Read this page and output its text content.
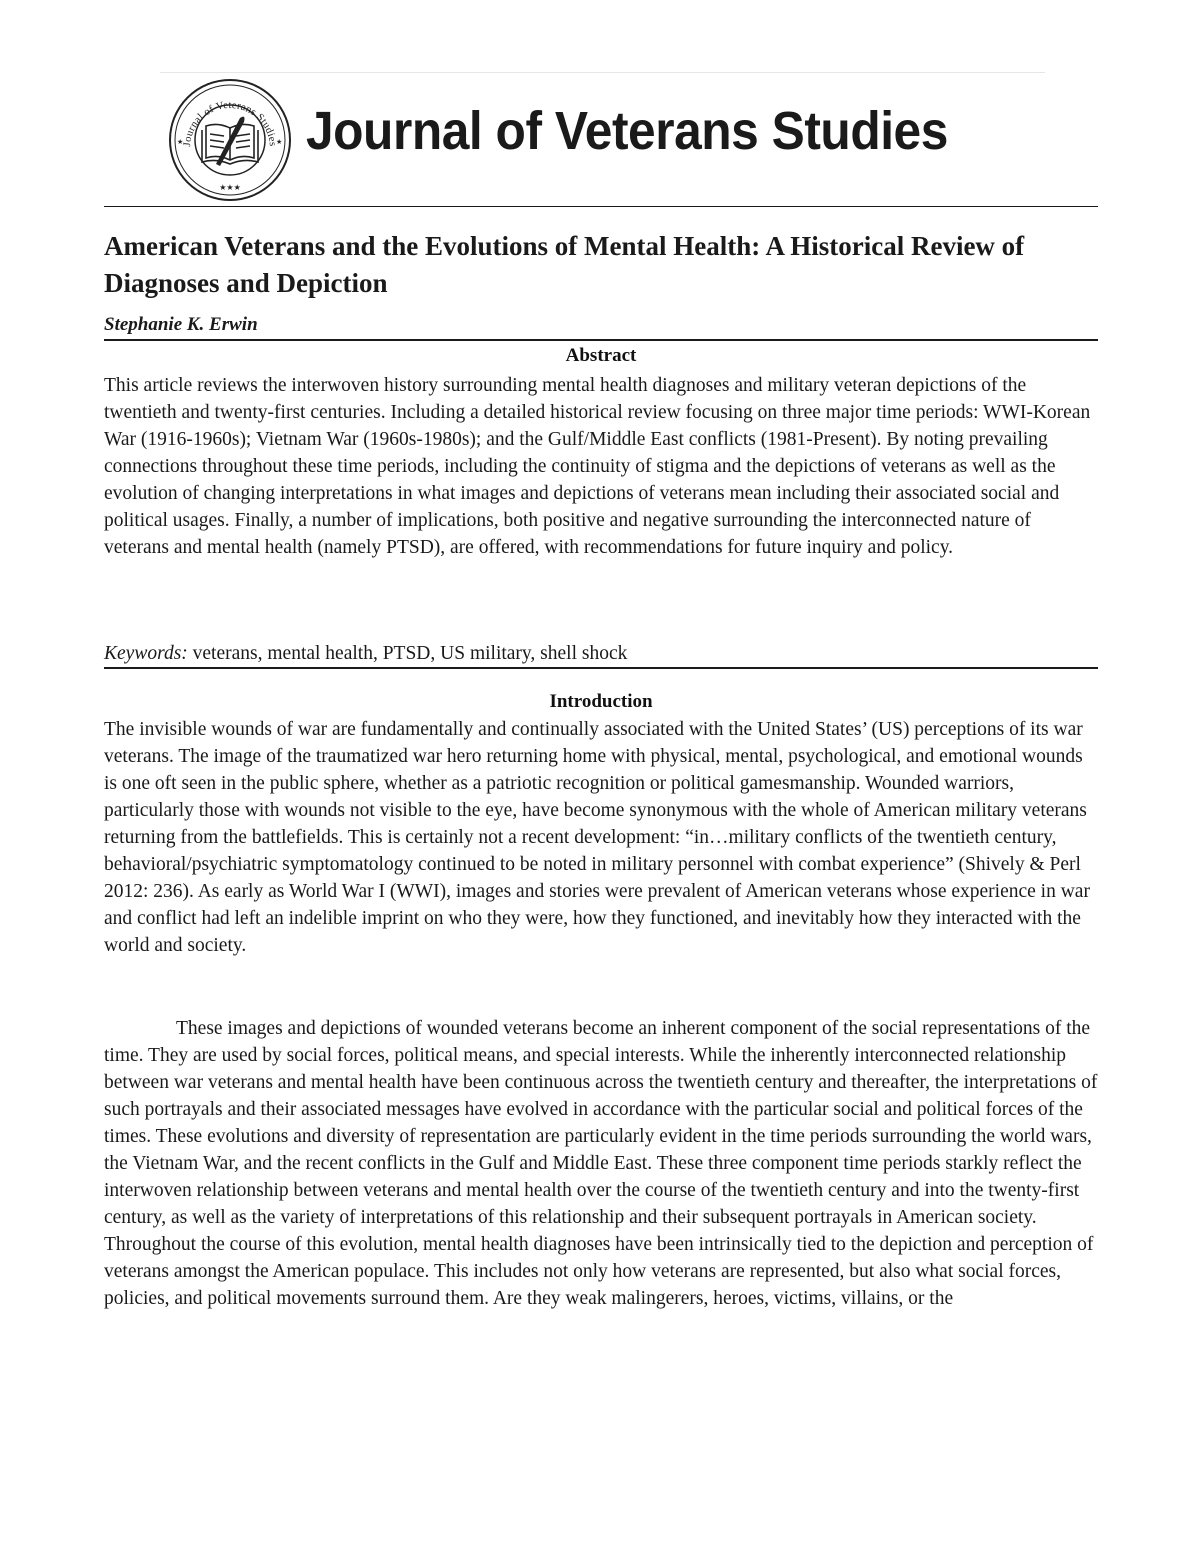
Journal of Veterans Studies
★★★
★	★ Journal of Veterans Studies
American Veterans and the Evolutions of Mental Health: A Historical Review of Diagnoses and Depiction
Stephanie K. Erwin
Abstract

This article reviews the interwoven history surrounding mental health diagnoses and military veteran depictions of the twentieth and twenty-first centuries. Including a detailed historical review focusing on three major time periods: WWI-Korean War (1916-1960s); Vietnam War (1960s-1980s); and the Gulf/Middle East conflicts (1981-Present). By noting prevailing connections throughout these time periods, including the continuity of stigma and the depictions of veterans as well as the evolution of changing interpretations in what images and depictions of veterans mean including their associated social and political usages. Finally, a number of implications, both positive and negative surrounding the interconnected nature of veterans and mental health (namely PTSD), are offered, with recommendations for future inquiry and policy.

Keywords: veterans, mental health, PTSD, US military, shell shock

Introduction

The invisible wounds of war are fundamentally and continually associated with the United States’ (US) perceptions of its war veterans. The image of the traumatized war hero returning home with physical, mental, psychological, and emotional wounds is one oft seen in the public sphere, whether as a patriotic recognition or political gamesmanship. Wounded warriors, particularly those with wounds not visible to the eye, have become synonymous with the whole of American military veterans returning from the battlefields. This is certainly not a recent development: “in…military conflicts of the twentieth century, behavioral/psychiatric symptomatology continued to be noted in military personnel with combat experience” (Shively & Perl 2012: 236). As early as World War I (WWI), images and stories were prevalent of American veterans whose experience in war and conflict had left an indelible imprint on who they were, how they functioned, and inevitably how they interacted with the world and society.

These images and depictions of wounded veterans become an inherent component of the social representations of the time. They are used by social forces, political means, and special interests. While the inherently interconnected relationship between war veterans and mental health have been continuous across the twentieth century and thereafter, the interpretations of such portrayals and their associated messages have evolved in accordance with the particular social and political forces of the times. These evolutions and diversity of representation are particularly evident in the time periods surrounding the world wars, the Vietnam War, and the recent conflicts in the Gulf and Middle East. These three component time periods starkly reflect the interwoven relationship between veterans and mental health over the course of the twentieth century and into the twenty-first century, as well as the variety of interpretations of this relationship and their subsequent portrayals in American society. Throughout the course of this evolution, mental health diagnoses have been intrinsically tied to the depiction and perception of veterans amongst the American populace. This includes not only how veterans are represented, but also what social forces, policies, and political movements surround them. Are they weak malingerers, heroes, victims, villains, or the
